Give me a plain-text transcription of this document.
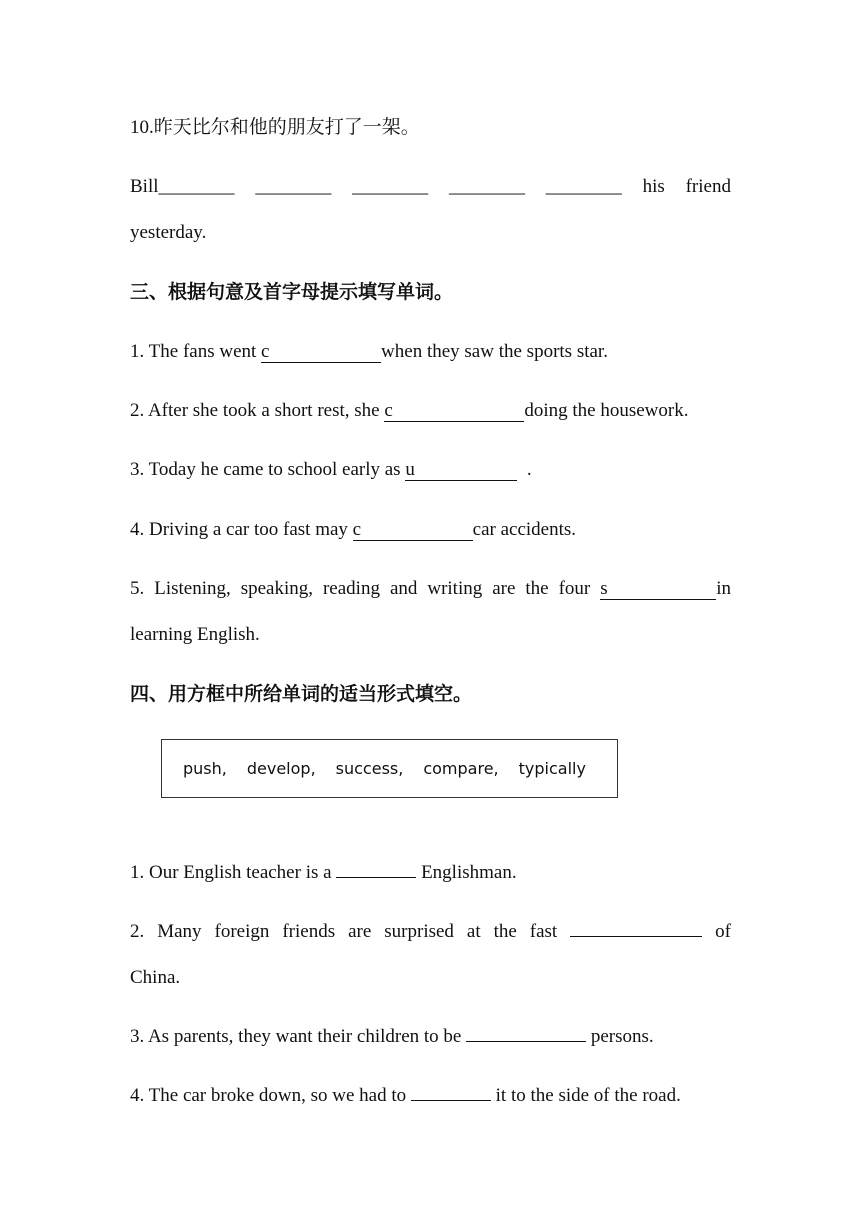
10.昨天比尔和他的朋友打了一架。
Bill________ ________ ________ ________ ________ his friend
yesterday.
三、根据句意及首字母提示填写单词。
1. The fans went c	when they saw the sports star.
2. After she took a short rest, she c	doing the housework.
3. Today he came to school early as u	.
4. Driving a car too fast may c	car accidents.
5. Listening, speaking, reading and writing are the four s	in
learning English.
四、用方框中所给单词的适当形式填空。
push, develop, success, compare, typically
1. Our English teacher is a	Englishman.
2. Many foreign friends are surprised at the fast	of
China.
3. As parents, they want their children to be	persons.
4. The car broke down, so we had to	it to the side of the road.
